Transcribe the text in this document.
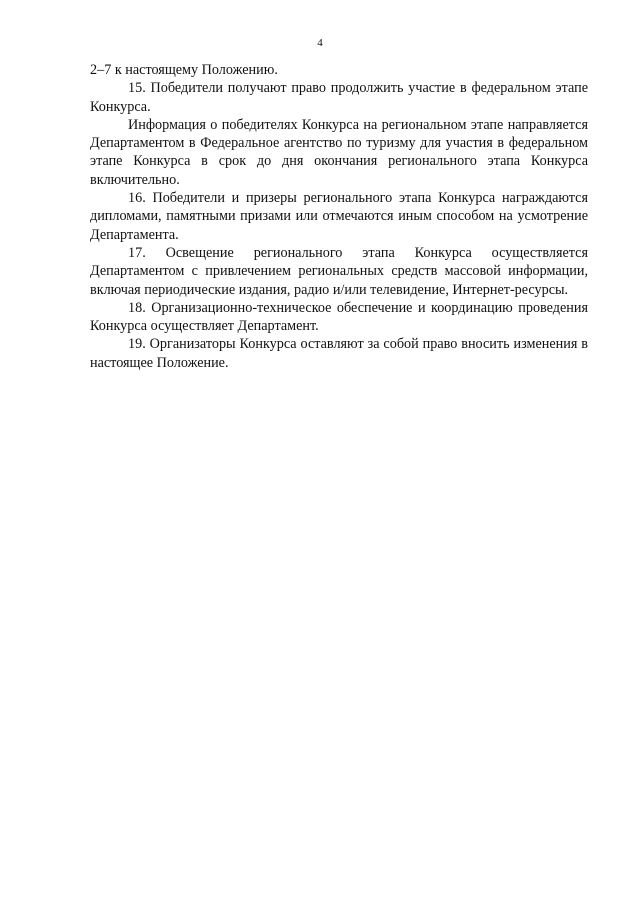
4

2–7 к настоящему Положению.

15. Победители получают право продолжить участие в федеральном этапе Конкурса.

Информация о победителях Конкурса на региональном этапе направляется Департаментом в Федеральное агентство по туризму для участия в федеральном этапе Конкурса в срок до дня окончания регионального этапа Конкурса включительно.

16. Победители и призеры регионального этапа Конкурса награждаются дипломами, памятными призами или отмечаются иным способом на усмотрение Департамента.

17. Освещение регионального этапа Конкурса осуществляется Департаментом с привлечением региональных средств массовой информации, включая периодические издания, радио и/или телевидение, Интернет-ресурсы.

18. Организационно-техническое обеспечение и координацию проведения Конкурса осуществляет Департамент.

19. Организаторы Конкурса оставляют за собой право вносить изменения в настоящее Положение.
